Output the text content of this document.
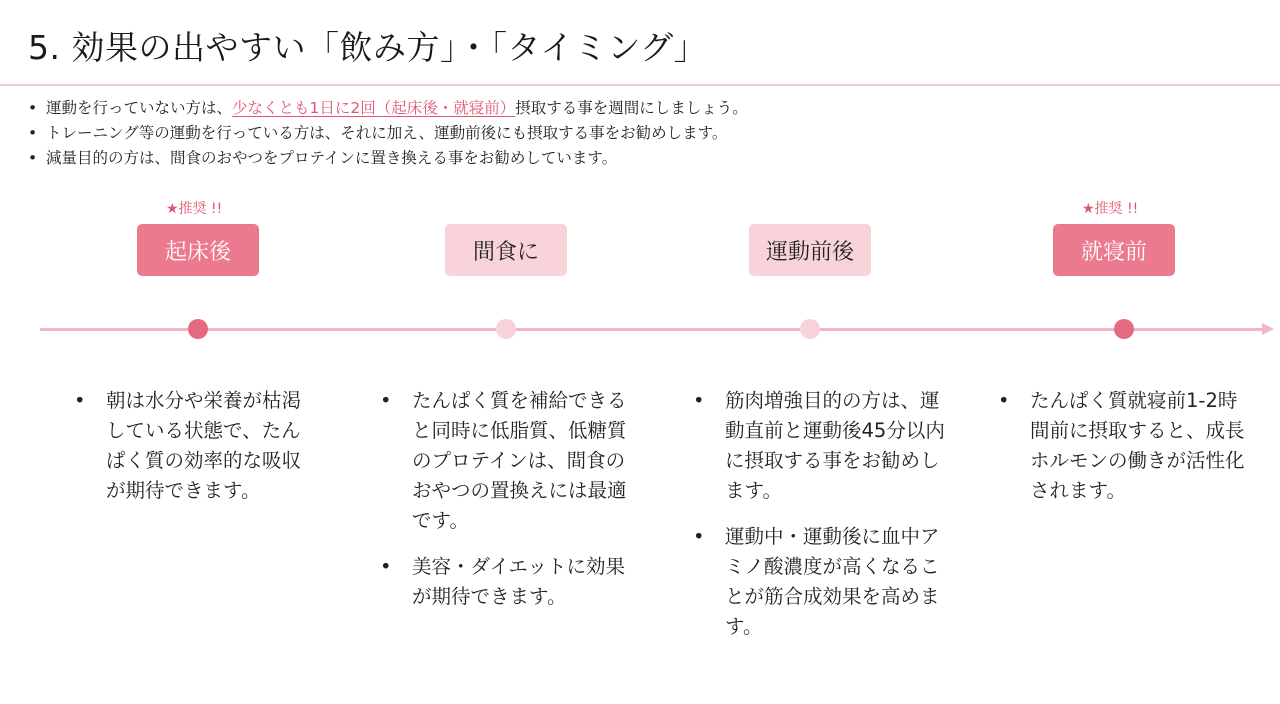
5. 効果の出やすい「飲み方」・「タイミング」
• 運動を行っていない方は、少なくとも1日に2回（起床後・就寝前）摂取する事を週間にしましょう。
• トレーニング等の運動を行っている方は、それに加え、運動前後にも摂取する事をお勧めします。
• 減量目的の方は、間食のおやつをプロテインに置き換える事をお勧めしています。
★推奨 !!	★推奨 !!
起床後	間食に	運動前後	就寝前
• 朝は水分や栄養が枯渇している状態で、たんぱく質の効率的な吸収が期待できます。
• たんぱく質を補給できると同時に低脂質、低糖質のプロテインは、間食のおやつの置換えには最適です。
• 美容・ダイエットに効果が期待できます。
• 筋肉増強目的の方は、運動直前と運動後45分以内に摂取する事をお勧めします。
• 運動中・運動後に血中アミノ酸濃度が高くなることが筋合成効果を高めます。
• たんぱく質就寝前1-2時間前に摂取すると、成長ホルモンの働きが活性化されます。
